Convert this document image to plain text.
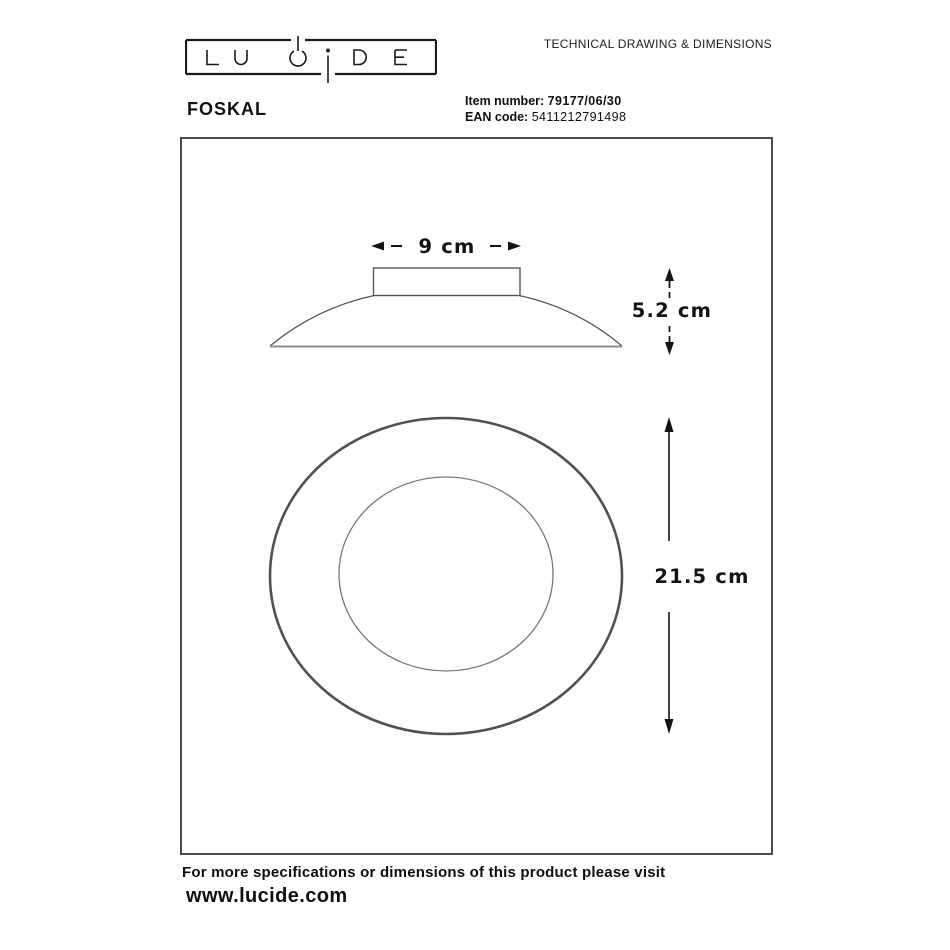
TECHNICAL DRAWING & DIMENSIONS
FOSKAL	Item number: 79177/06/30
EAN code: 5411212791498
9 cm
5.2 cm
21.5 cm
For more specifications or dimensions of this product please visit
www.lucide.com
